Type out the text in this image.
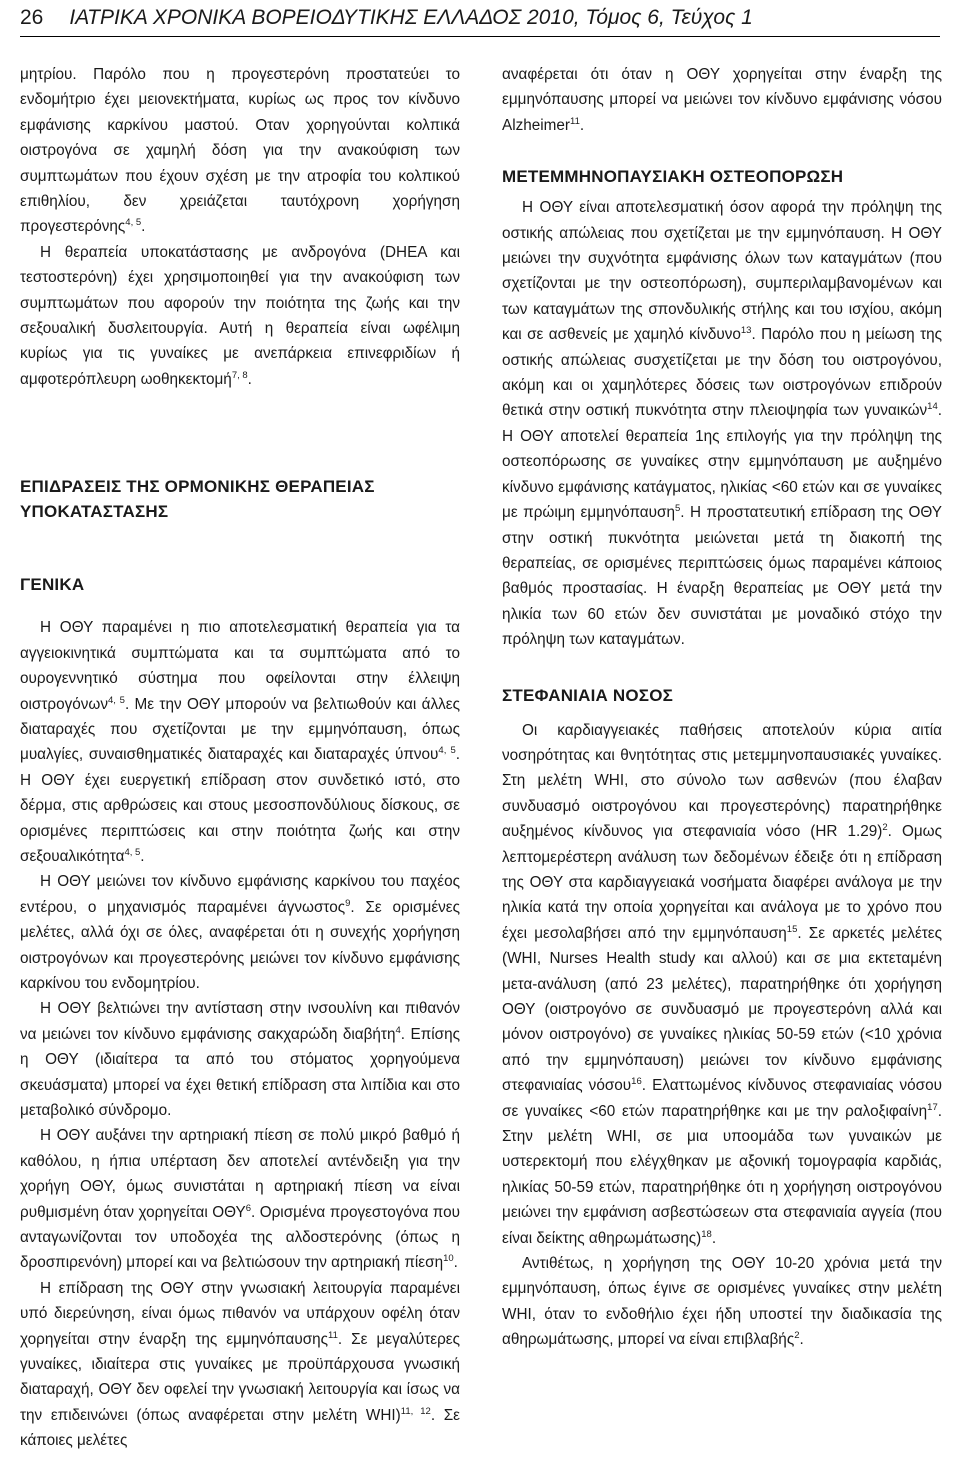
26 ΙΑΤΡΙΚΑ ΧΡΟΝΙΚΑ ΒΟΡΕΙΟΔΥΤΙΚΗΣ ΕΛΛΑΔΟΣ 2010, Τόμος 6, Τεύχος 1

μητρίου. Παρόλο που η προγεστερόνη προστατεύει το ενδομήτριο έχει μειονεκτήματα, κυρίως ως προς τον κίνδυνο εμφάνισης καρκίνου μαστού. Οταν χορηγούνται κολπικά οιστρογόνα σε χαμηλή δόση για την ανακούφιση των συμπτωμάτων που έχουν σχέση με την ατροφία του κολπικού επιθηλίου, δεν χρειάζεται ταυτόχρονη χορήγηση προγεστερόνης$^{4, 5}$.

Η θεραπεία υποκατάστασης με ανδρογόνα (DHEA και τεστοστερόνη) έχει χρησιμοποιηθεί για την ανακούφιση των συμπτωμάτων που αφορούν την ποιότητα της ζωής και την σεξουαλική δυσλειτουργία. Αυτή η θεραπεία είναι ωφέλιμη κυρίως για τις γυναίκες με ανεπάρκεια επινεφριδίων ή αμφοτερόπλευρη ωοθηκεκτομή$^{7, 8}$.

ΕΠΙΔΡΑΣΕΙΣ ΤΗΣ ΟΡΜΟΝΙΚΗΣ ΘΕΡΑΠΕΙΑΣ ΥΠΟΚΑΤΑΣΤΑΣΗΣ
ΓΕΝΙΚΑ

Η ΟΘΥ παραμένει η πιο αποτελεσματική θεραπεία για τα αγγειοκινητικά συμπτώματα και τα συμπτώματα από το ουρογεννητικό σύστημα που οφείλονται στην έλλειψη οιστρογόνων$^{4, 5}$. Με την ΟΘΥ μπορούν να βελτιωθούν και άλλες διαταραχές που σχετίζονται με την εμμηνόπαυση, όπως μυαλγίες, συναισθηματικές διαταραχές και διαταραχές ύπνου$^{4, 5}$. Η ΟΘΥ έχει ευεργετική επίδραση στον συνδετικό ιστό, στο δέρμα, στις αρθρώσεις και στους μεσοσπονδύλιους δίσκους, σε ορισμένες περιπτώσεις και στην ποιότητα ζωής και στην σεξουαλικότητα$^{4, 5}$.

Η ΟΘΥ μειώνει τον κίνδυνο εμφάνισης καρκίνου του παχέος εντέρου, ο μηχανισμός παραμένει άγνωστος$^9$. Σε ορισμένες μελέτες, αλλά όχι σε όλες, αναφέρεται ότι η συνεχής χορήγηση οιστρογόνων και προγεστερόνης μειώνει τον κίνδυνο εμφάνισης καρκίνου του ενδομητρίου.

Η ΟΘΥ βελτιώνει την αντίσταση στην ινσουλίνη και πιθανόν να μειώνει τον κίνδυνο εμφάνισης σακχαρώδη διαβήτη$^4$. Επίσης η ΟΘΥ (ιδιαίτερα τα από του στόματος χορηγούμενα σκευάσματα) μπορεί να έχει θετική επίδραση στα λιπίδια και στο μεταβολικό σύνδρομο.

Η ΟΘΥ αυξάνει την αρτηριακή πίεση σε πολύ μικρό βαθμό ή καθόλου, η ήπια υπέρταση δεν αποτελεί αντένδειξη για την χορήγη ΟΘΥ, όμως συνιστάται η αρτηριακή πίεση να είναι ρυθμισμένη όταν χορηγείται ΟΘΥ$^6$. Ορισμένα προγεστογόνα που ανταγωνίζονται τον υποδοχέα της αλδοστερόνης (όπως η δροσπιρενόνη) μπορεί και να βελτιώσουν την αρτηριακή πίεση$^{10}$.

Η επίδραση της ΟΘΥ στην γνωσιακή λειτουργία παραμένει υπό διερεύνηση, είναι όμως πιθανόν να υπάρχουν οφέλη όταν χορηγείται στην έναρξη της εμμηνόπαυσης$^{11}$. Σε μεγαλύτερες γυναίκες, ιδιαίτερα στις γυναίκες με προϋπάρχουσα γνωσική διαταραχή, ΟΘΥ δεν οφελεί την γνωσιακή λειτουργία και ίσως να την επιδεινώνει (όπως αναφέρεται στην μελέτη WHI)$^{11, 12}$. Σε κάποιες μελέτες

αναφέρεται ότι όταν η ΟΘΥ χορηγείται στην έναρξη της εμμηνόπαυσης μπορεί να μειώνει τον κίνδυνο εμφάνισης νόσου Alzheimer$^{11}$.

ΜΕΤΕΜΜΗΝΟΠΑΥΣΙΑΚΗ ΟΣΤΕΟΠΟΡΩΣΗ

Η ΟΘΥ είναι αποτελεσματική όσον αφορά την πρόληψη της οστικής απώλειας που σχετίζεται με την εμμηνόπαυση. Η ΟΘΥ μειώνει την συχνότητα εμφάνισης όλων των καταγμάτων (που σχετίζονται με την οστεοπόρωση), συμπεριλαμβανομένων και των καταγμάτων της σπονδυλικής στήλης και του ισχίου, ακόμη και σε ασθενείς με χαμηλό κίνδυνο$^{13}$. Παρόλο που η μείωση της οστικής απώλειας συσχετίζεται με την δόση του οιστρογόνου, ακόμη και οι χαμηλότερες δόσεις των οιστρογόνων επιδρούν θετικά στην οστική πυκνότητα στην πλειοψηφία των γυναικών$^{14}$. Η ΟΘΥ αποτελεί θεραπεία 1ης επιλογής για την πρόληψη της οστεοπόρωσης σε γυναίκες στην εμμηνόπαυση με αυξημένο κίνδυνο εμφάνισης κατάγματος, ηλικίας <60 ετών και σε γυναίκες με πρώιμη εμμηνόπαυση$^5$. Η προστατευτική επίδραση της ΟΘΥ στην οστική πυκνότητα μειώνεται μετά τη διακοπή της θεραπείας, σε ορισμένες περιπτώσεις όμως παραμένει κάποιος βαθμός προστασίας. Η έναρξη θεραπείας με ΟΘΥ μετά την ηλικία των 60 ετών δεν συνιστάται με μοναδικό στόχο την πρόληψη των καταγμάτων.

ΣΤΕΦΑΝΙΑΙΑ ΝΟΣΟΣ

Οι καρδιαγγειακές παθήσεις αποτελούν κύρια αιτία νοσηρότητας και θνητότητας στις μετεμμηνοπαυσιακές γυναίκες. Στη μελέτη WHI, στο σύνολο των ασθενών (που έλαβαν συνδυασμό οιστρογόνου και προγεστερόνης) παρατηρήθηκε αυξημένος κίνδυνος για στεφανιαία νόσο (HR 1.29)$^2$. Ομως λεπτομερέστερη ανάλυση των δεδομένων έδειξε ότι η επίδραση της ΟΘΥ στα καρδιαγγειακά νοσήματα διαφέρει ανάλογα με την ηλικία κατά την οποία χορηγείται και ανάλογα με το χρόνο που έχει μεσολαβήσει από την εμμηνόπαυση$^{15}$. Σε αρκετές μελέτες (WHI, Nurses Health study και αλλού) και σε μια εκτεταμένη μετα-ανάλυση (από 23 μελέτες), παρατηρήθηκε ότι χορήγηση ΟΘΥ (οιστρογόνο σε συνδυασμό με προγεστερόνη αλλά και μόνον οιστρογόνο) σε γυναίκες ηλικίας 50-59 ετών (<10 χρόνια από την εμμηνόπαυση) μειώνει τον κίνδυνο εμφάνισης στεφανιαίας νόσου$^{16}$. Ελαττωμένος κίνδυνος στεφανιαίας νόσου σε γυναίκες <60 ετών παρατηρήθηκε και με την ραλοξιφαίνη$^{17}$. Στην μελέτη WHI, σε μια υποομάδα των γυναικών με υστερεκτομή που ελέγχθηκαν με αξονική τομογραφία καρδιάς, ηλικίας 50-59 ετών, παρατηρήθηκε ότι η χορήγηση οιστρογόνου μειώνει την εμφάνιση ασβεστώσεων στα στεφανιαία αγγεία (που είναι δείκτης αθηρωμάτωσης)$^{18}$.

Αντιθέτως, η χορήγηση της ΟΘΥ 10-20 χρόνια μετά την εμμηνόπαυση, όπως έγινε σε ορισμένες γυναίκες στην μελέτη WHI, όταν το ενδοθήλιο έχει ήδη υποστεί την διαδικασία της αθηρωμάτωσης, μπορεί να είναι επιβλαβής$^2$.
